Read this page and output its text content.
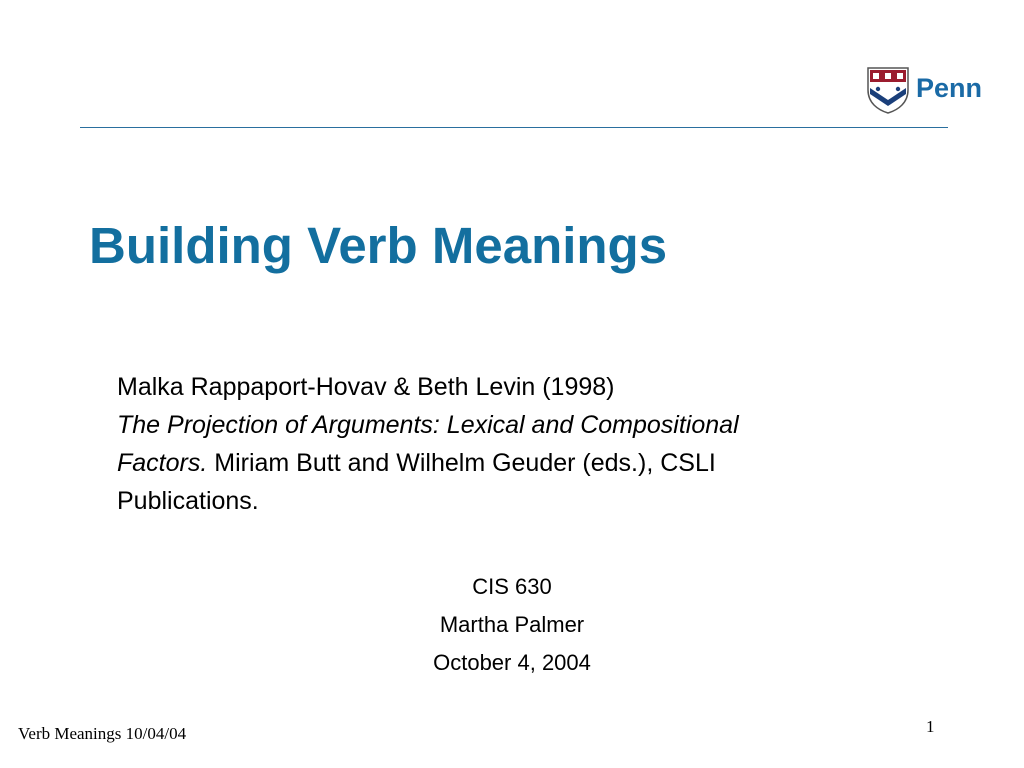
Penn
Building Verb Meanings
Malka Rappaport-Hovav & Beth Levin (1998)
The Projection of Arguments: Lexical and Compositional
Factors. Miriam Butt and Wilhelm Geuder (eds.), CSLI
Publications.
CIS 630
Martha Palmer
October 4, 2004
Verb Meanings 10/04/04	1
